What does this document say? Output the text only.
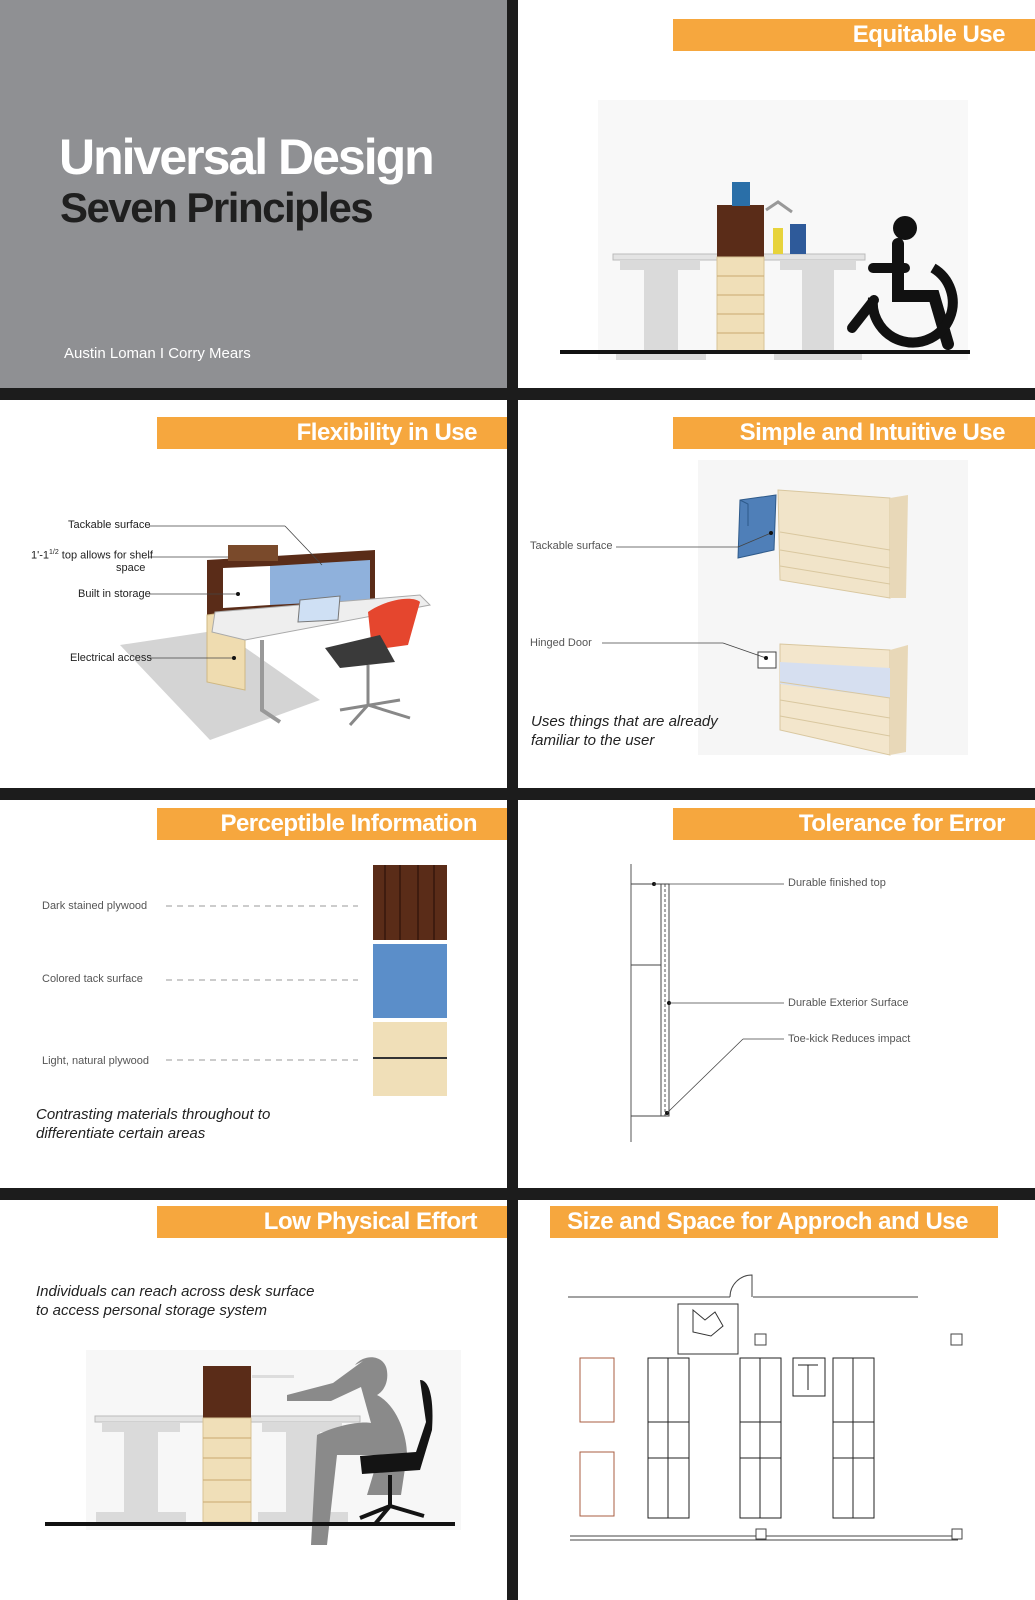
Universal Design
Seven Principles
Austin Loman I Corry Mears
Equitable Use
Flexibility in Use
Tackable surface
$1'-1^{1/2}$ top allows for shelf
space
Built in storage
Electrical access
Simple and Intuitive Use
Tackable surface
Hinged Door
Uses things that are already
familiar to the user
Perceptible Information
Dark stained plywood
Colored tack surface
Light, natural plywood
Contrasting materials throughout to
differentiate certain areas
Tolerance for Error
Durable finished top
Durable Exterior Surface
Toe-kick Reduces impact
Low Physical Effort
Individuals can reach across desk surface
to access personal storage system
Size and Space for Approch and Use
